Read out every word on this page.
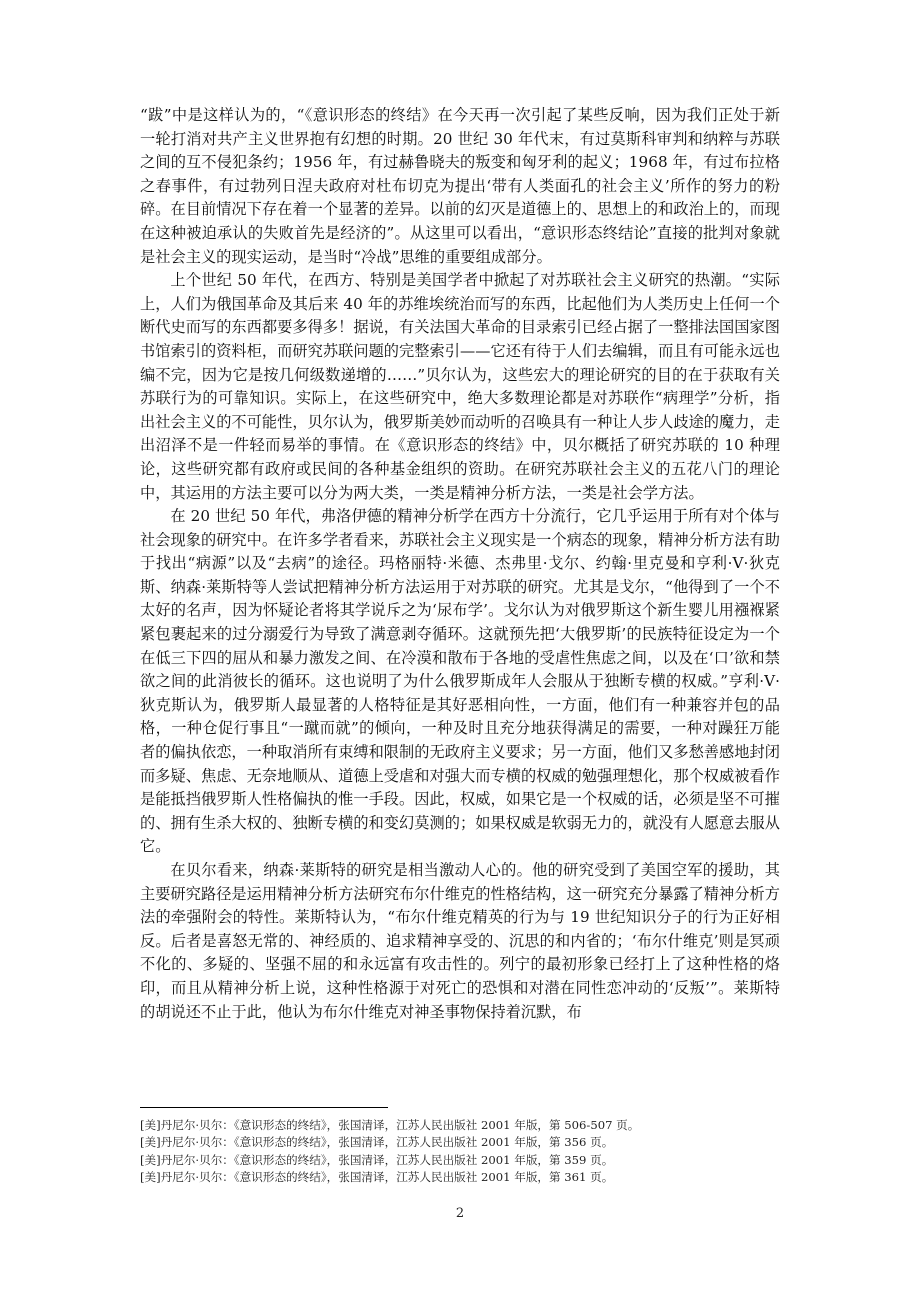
“跋”中是这样认为的，“《意识形态的终结》在今天再一次引起了某些反响，因为我们正处于新一轮打消对共产主义世界抱有幻想的时期。20 世纪 30 年代末，有过莫斯科审判和纳粹与苏联之间的互不侵犯条约；1956 年，有过赫鲁晓夫的叛变和匈牙利的起义；1968 年，有过布拉格之春事件，有过勃列日涅夫政府对杜布切克为提出‘带有人类面孔的社会主义’所作的努力的粉碎。在目前情况下存在着一个显著的差异。以前的幻灭是道德上的、思想上的和政治上的，而现在这种被迫承认的失败首先是经济的”。从这里可以看出，“意识形态终结论”直接的批判对象就是社会主义的现实运动，是当时“冷战”思维的重要组成部分。

上个世纪 50 年代，在西方、特别是美国学者中掀起了对苏联社会主义研究的热潮。“实际上，人们为俄国革命及其后来 40 年的苏维埃统治而写的东西，比起他们为人类历史上任何一个断代史而写的东西都要多得多！据说，有关法国大革命的目录索引已经占据了一整排法国国家图书馆索引的资料柜，而研究苏联问题的完整索引——它还有待于人们去编辑，而且有可能永远也编不完，因为它是按几何级数递增的……”贝尔认为，这些宏大的理论研究的目的在于获取有关苏联行为的可靠知识。实际上，在这些研究中，绝大多数理论都是对苏联作“病理学”分析，指出社会主义的不可能性，贝尔认为，俄罗斯美妙而动听的召唤具有一种让人步人歧途的魔力，走出沼泽不是一件轻而易举的事情。在《意识形态的终结》中，贝尔概括了研究苏联的 10 种理论，这些研究都有政府或民间的各种基金组织的资助。在研究苏联社会主义的五花八门的理论中，其运用的方法主要可以分为两大类，一类是精神分析方法，一类是社会学方法。

在 20 世纪 50 年代，弗洛伊德的精神分析学在西方十分流行，它几乎运用于所有对个体与社会现象的研究中。在许多学者看来，苏联社会主义现实是一个病态的现象，精神分析方法有助于找出“病源”以及“去病”的途径。玛格丽特·米德、杰弗里·戈尔、约翰·里克曼和亨利·V·狄克斯、纳森·莱斯特等人尝试把精神分析方法运用于对苏联的研究。尤其是戈尔，“他得到了一个不太好的名声，因为怀疑论者将其学说斥之为‘尿布学’。戈尔认为对俄罗斯这个新生婴儿用襁褓紧紧包裹起来的过分溺爱行为导致了满意剥夺循环。这就预先把‘大俄罗斯’的民族特征设定为一个在低三下四的屈从和暴力激发之间、在冷漠和散布于各地的受虐性焦虑之间，以及在‘口’欲和禁欲之间的此消彼长的循环。这也说明了为什么俄罗斯成年人会服从于独断专横的权威。”亨利·V·狄克斯认为，俄罗斯人最显著的人格特征是其好恶相向性，一方面，他们有一种兼容并包的品格，一种仓促行事且“一蹴而就”的倾向，一种及时且充分地获得满足的需要，一种对躁狂万能者的偏执依恋，一种取消所有束缚和限制的无政府主义要求；另一方面，他们又多愁善感地封闭而多疑、焦虑、无奈地顺从、道德上受虐和对强大而专横的权威的勉强理想化，那个权威被看作是能抵挡俄罗斯人性格偏执的惟一手段。因此，权威，如果它是一个权威的话，必须是坚不可摧的、拥有生杀大权的、独断专横的和变幻莫测的；如果权威是软弱无力的，就没有人愿意去服从它。

在贝尔看来，纳森·莱斯特的研究是相当激动人心的。他的研究受到了美国空军的援助，其主要研究路径是运用精神分析方法研究布尔什维克的性格结构，这一研究充分暴露了精神分析方法的牵强附会的特性。莱斯特认为，“布尔什维克精英的行为与 19 世纪知识分子的行为正好相反。后者是喜怒无常的、神经质的、追求精神享受的、沉思的和内省的；‘布尔什维克’则是冥顽不化的、多疑的、坚强不屈的和永远富有攻击性的。列宁的最初形象已经打上了这种性格的烙印，而且从精神分析上说，这种性格源于对死亡的恐惧和对潜在同性恋冲动的‘反叛’”。莱斯特的胡说还不止于此，他认为布尔什维克对神圣事物保持着沉默，布

[美]丹尼尔·贝尔：《意识形态的终结》，张国清译，江苏人民出版社 2001 年版，第 506-507 页。

[美]丹尼尔·贝尔：《意识形态的终结》，张国清译，江苏人民出版社 2001 年版，第 356 页。

[美]丹尼尔·贝尔：《意识形态的终结》，张国清译，江苏人民出版社 2001 年版，第 359 页。

[美]丹尼尔·贝尔：《意识形态的终结》，张国清译，江苏人民出版社 2001 年版，第 361 页。

2
